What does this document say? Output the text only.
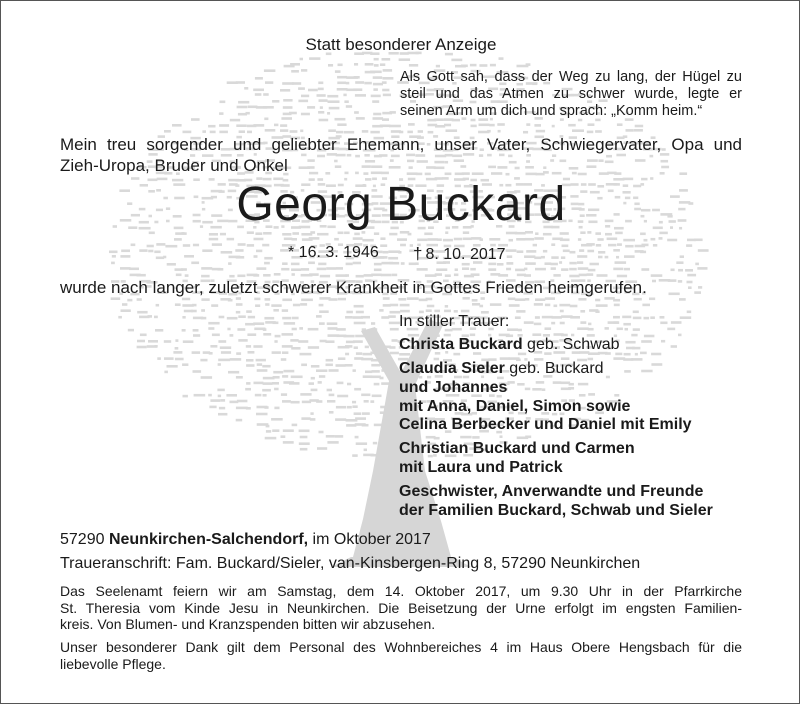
Statt besonderer Anzeige
Als Gott sah, dass der Weg zu lang, der Hügel zu
steil und das Atmen zu schwer wurde, legte er
seinen Arm um dich und sprach: „Komm heim.“
Mein treu sorgender und geliebter Ehemann, unser Vater, Schwiegervater, Opa und
Zieh-Uropa, Bruder und Onkel
Georg Buckard
* 16. 3. 1946 † 8. 10. 2017
wurde nach langer, zuletzt schwerer Krankheit in Gottes Frieden heimgerufen.
In stiller Trauer:
Christa Buckard geb. Schwab
Claudia Sieler geb. Buckard
und Johannes
mit Anna, Daniel, Simon sowie
Celina Berbecker und Daniel mit Emily
Christian Buckard und Carmen
mit Laura und Patrick
Geschwister, Anverwandte und Freunde
der Familien Buckard, Schwab und Sieler
57290 Neunkirchen-Salchendorf, im Oktober 2017
Traueranschrift: Fam. Buckard/Sieler, van-Kinsbergen-Ring 8, 57290 Neunkirchen
Das Seelenamt feiern wir am Samstag, dem 14. Oktober 2017, um 9.30 Uhr in der Pfarrkirche
St. Theresia vom Kinde Jesu in Neunkirchen. Die Beisetzung der Urne erfolgt im engsten Familien-
kreis. Von Blumen- und Kranzspenden bitten wir abzusehen.
Unser besonderer Dank gilt dem Personal des Wohnbereiches 4 im Haus Obere Hengsbach für die
liebevolle Pflege.
